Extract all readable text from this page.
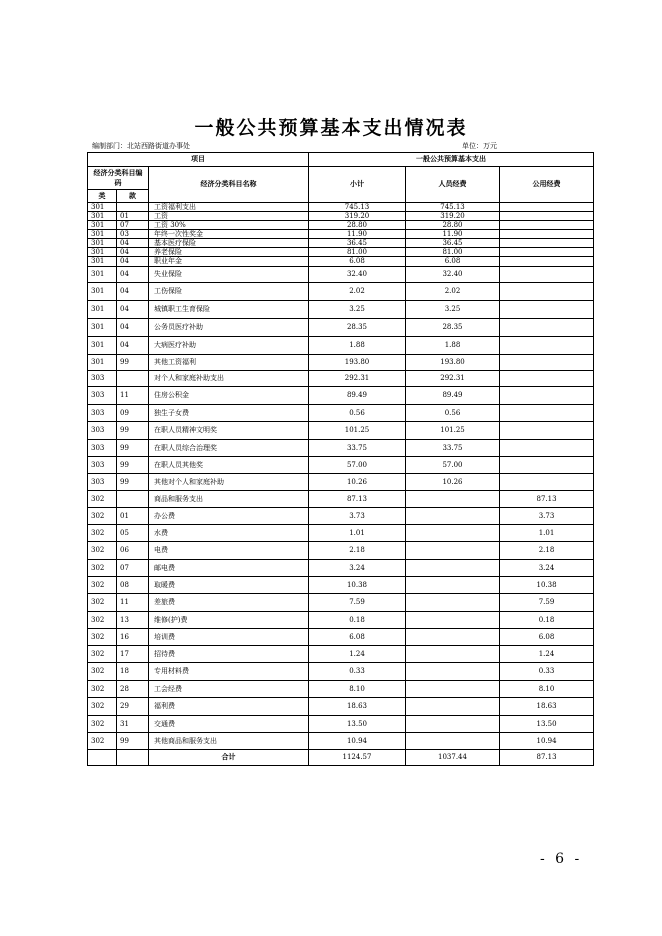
一般公共预算基本支出情况表
编制部门：北站西路街道办事处	单位：万元
项目			一般公共预算基本支出		
经济分类科目编码		经济分类科目名称	小计	人员经费	公用经费
类	款				
301		工资福利支出	745.13	745.13	
301	01	工资	319.20	319.20	
301	07	工资 30%	28.80	28.80	
301	03	年终一次性奖金	11.90	11.90	
301	04	基本医疗保险	36.45	36.45	
301	04	养老保险	81.00	81.00	
301	04	职业年金	6.08	6.08	
301	04	失业保险	32.40	32.40	
301	04	工伤保险	2.02	2.02	
301	04	城镇职工生育保险	3.25	3.25	
301	04	公务员医疗补助	28.35	28.35	
301	04	大病医疗补助	1.88	1.88	
301	99	其他工资福利	193.80	193.80	
303		对个人和家庭补助支出	292.31	292.31	
303	11	住房公积金	89.49	89.49	
303	09	独生子女费	0.56	0.56	
303	99	在职人员精神文明奖	101.25	101.25	
303	99	在职人员综合治理奖	33.75	33.75	
303	99	在职人员其他奖	57.00	57.00	
303	99	其他对个人和家庭补助	10.26	10.26	
302		商品和服务支出	87.13		87.13
302	01	办公费	3.73		3.73
302	05	水费	1.01		1.01
302	06	电费	2.18		2.18
302	07	邮电费	3.24		3.24
302	08	取暖费	10.38		10.38
302	11	差旅费	7.59		7.59
302	13	维修(护)费	0.18		0.18
302	16	培训费	6.08		6.08
302	17	招待费	1.24		1.24
302	18	专用材料费	0.33		0.33
302	28	工会经费	8.10		8.10
302	29	福利费	18.63		18.63
302	31	交通费	13.50		13.50
302	99	其他商品和服务支出	10.94		10.94
		合计	1124.57	1037.44	87.13
- 6 -
